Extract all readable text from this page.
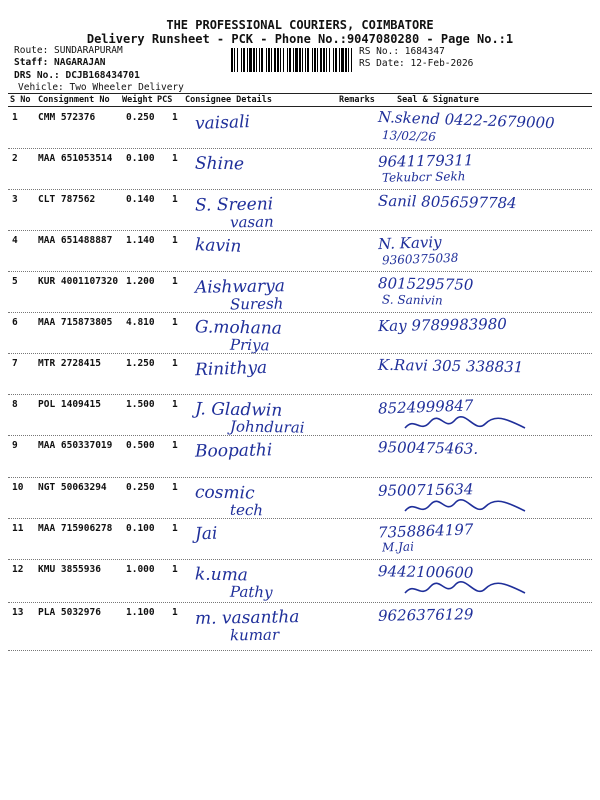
THE PROFESSIONAL COURIERS, COIMBATORE
Delivery Runsheet - PCK - Phone No.:9047080280 - Page No.:1
Route: SUNDARAPURAM
Staff: NAGARAJAN
DRS No.: DCJB168434701
Vehicle: Two Wheeler Delivery
RS No.: 1684347
RS Date: 12-Feb-2026
S No Consignment No Weight PCS Consignee Details	Remarks	Seal & Signature
1 CMM 572376	0.250 1 vaisali	N.skend 0422-2679000
13/02/26
2 MAA 651053514 0.100 1 Shine	9641179311
Tekubcr Sekh
3 CLT 787562	0.140 1 S. Sreeni
vasan
Sanil 8056597784
4 MAA 651488887 1.140 1 kavin	N. Kaviy
9360375038
5 KUR 4001107320 1.200 1 Aishwarya
Suresh
8015295750
S. Sanivin
6 MAA 715873805 4.810 1 G.mohana
Priya
Kay 9789983980
7 MTR 2728415	1.250 1 Rinithya	K.Ravi 305 338831
8 POL 1409415	1.500 1 J. Gladwin
Johndurai
8524999847
9 MAA 650337019 0.500 1 Boopathi	9500475463.
10 NGT 50063294 0.250 1 cosmic
tech
9500715634
11 MAA 715906278 0.100 1 Jai	7358864197
M.Jai
12 KMU 3855936	1.000 1 k.uma
Pathy
9442100600
13 PLA 5032976	1.100 1 m. vasantha
kumar
9626376129
